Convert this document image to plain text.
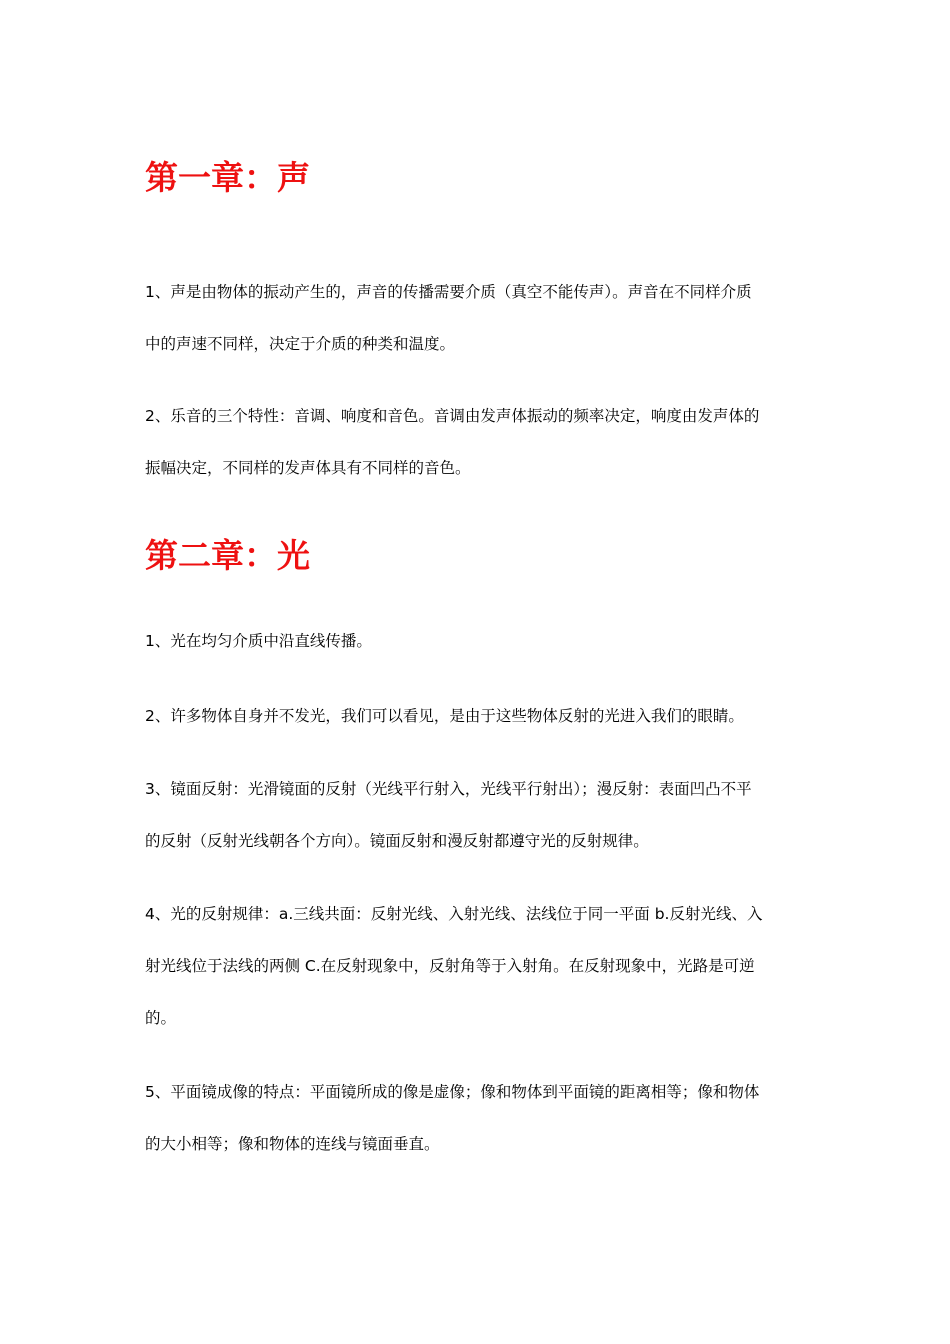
第一章：声

1、声是由物体的振动产生的，声音的传播需要介质（真空不能传声）。声音在不同样介质
中的声速不同样，决定于介质的种类和温度。

2、乐音的三个特性：音调、响度和音色。音调由发声体振动的频率决定，响度由发声体的
振幅决定，不同样的发声体具有不同样的音色。

第二章：光

1、光在均匀介质中沿直线传播。

2、许多物体自身并不发光，我们可以看见，是由于这些物体反射的光进入我们的眼睛。

3、镜面反射：光滑镜面的反射（光线平行射入，光线平行射出）；漫反射：表面凹凸不平
的反射（反射光线朝各个方向）。镜面反射和漫反射都遵守光的反射规律。

4、光的反射规律：a.三线共面：反射光线、入射光线、法线位于同一平面 b.反射光线、入
射光线位于法线的两侧 C.在反射现象中，反射角等于入射角。在反射现象中，光路是可逆
的。

5、平面镜成像的特点：平面镜所成的像是虚像；像和物体到平面镜的距离相等；像和物体
的大小相等；像和物体的连线与镜面垂直。
